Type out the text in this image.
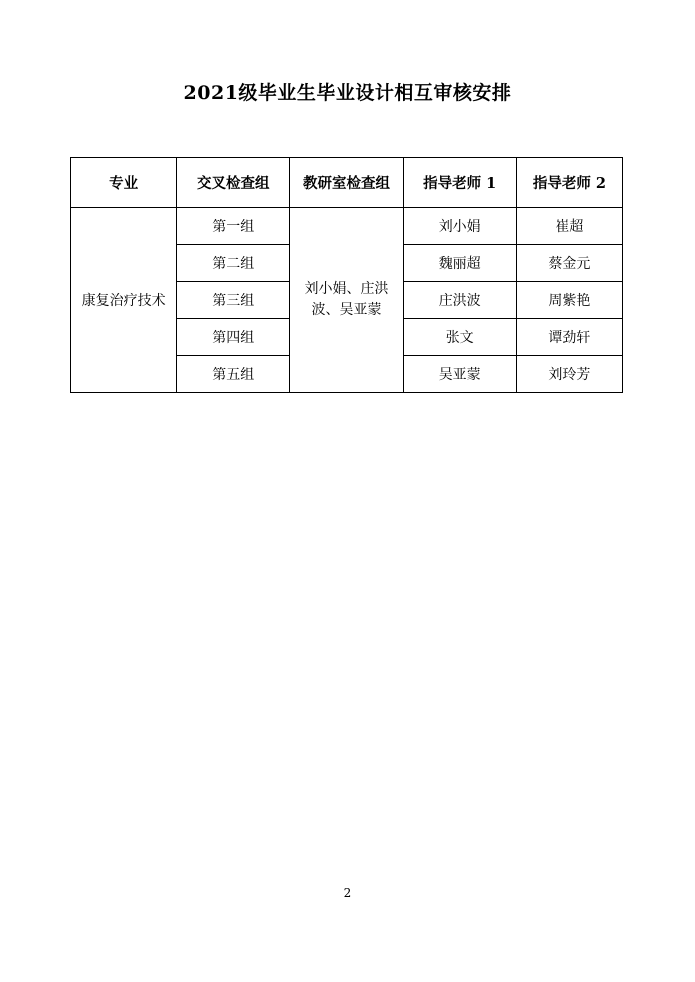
2021级毕业生毕业设计相互审核安排
专业	交叉检查组	教研室检查组	指导老师 1	指导老师 2
康复治疗技术	第一组	刘小娟、庄洪波、吴亚蒙	刘小娟	崔超
	第二组		魏丽超	蔡金元
	第三组		庄洪波	周紫艳
	第四组		张文	谭劲轩
	第五组		吴亚蒙	刘玲芳
2
